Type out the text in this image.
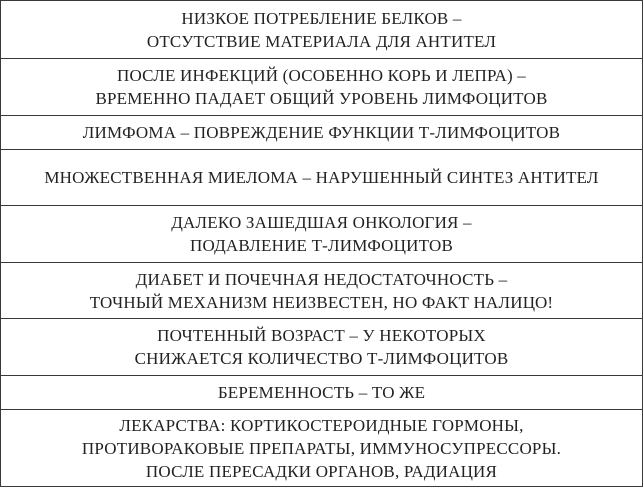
НИЗКОЕ ПОТРЕБЛЕНИЕ БЕЛКОВ –
ОТСУТСТВИЕ МАТЕРИАЛА ДЛЯ АНТИТЕЛ
ПОСЛЕ ИНФЕКЦИЙ (ОСОБЕННО КОРЬ И ЛЕПРА) –
ВРЕМЕННО ПАДАЕТ ОБЩИЙ УРОВЕНЬ ЛИМФОЦИТОВ
ЛИМФОМА – ПОВРЕЖДЕНИЕ ФУНКЦИИ Т-ЛИМФОЦИТОВ
МНОЖЕСТВЕННАЯ МИЕЛОМА – НАРУШЕННЫЙ СИНТЕЗ АНТИТЕЛ
ДАЛЕКО ЗАШЕДШАЯ ОНКОЛОГИЯ –
ПОДАВЛЕНИЕ Т-ЛИМФОЦИТОВ
ДИАБЕТ И ПОЧЕЧНАЯ НЕДОСТАТОЧНОСТЬ –
ТОЧНЫЙ МЕХАНИЗМ НЕИЗВЕСТЕН, НО ФАКТ НАЛИЦО!
ПОЧТЕННЫЙ ВОЗРАСТ – У НЕКОТОРЫХ
СНИЖАЕТСЯ КОЛИЧЕСТВО Т-ЛИМФОЦИТОВ
БЕРЕМЕННОСТЬ – ТО ЖЕ
ЛЕКАРСТВА: КОРТИКОСТЕРОИДНЫЕ ГОРМОНЫ,
ПРОТИВОРАКОВЫЕ ПРЕПАРАТЫ, ИММУНОСУПРЕССОРЫ.
ПОСЛЕ ПЕРЕСАДКИ ОРГАНОВ, РАДИАЦИЯ
